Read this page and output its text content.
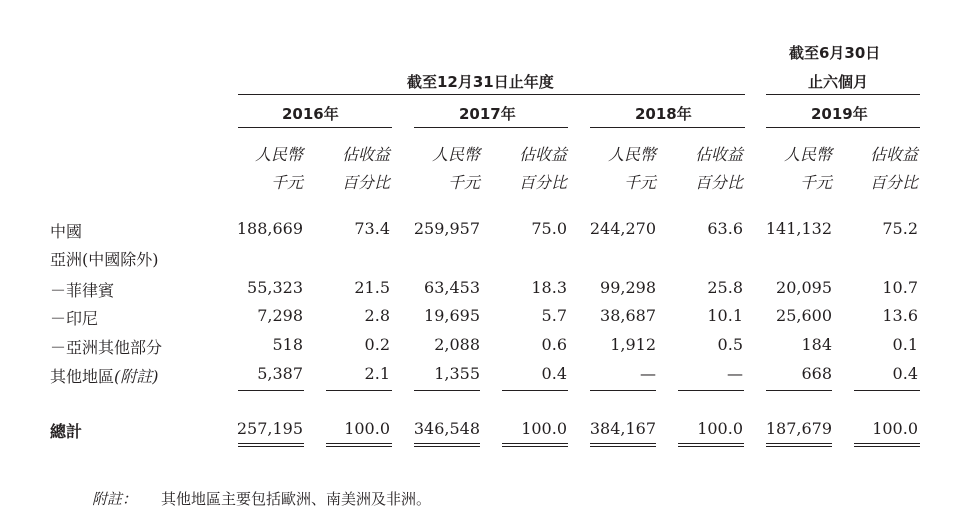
截至6月30日
截至12月31日止年度	止六個月
2016年	2017年	2018年	2019年
人民幣	佔收益	人民幣	佔收益	人民幣	佔收益	人民幣	佔收益
千元	百分比	千元	百分比	千元	百分比	千元	百分比
中國	188,669	73.4	259,957	75.0	244,270	63.6	141,132	75.2
亞洲(中國除外)
－菲律賓	55,323	21.5	63,453	18.3	99,298	25.8	20,095	10.7
－印尼	7,298	2.8	19,695	5.7	38,687	10.1	25,600	13.6
－亞洲其他部分	518	0.2	2,088	0.6	1,912	0.5	184	0.1
其他地區(附註)	5,387	2.1	1,355	0.4	—	—	668	0.4
總計	257,195	100.0	346,548	100.0	384,167	100.0	187,679	100.0
附註： 其他地區主要包括歐洲、南美洲及非洲。
